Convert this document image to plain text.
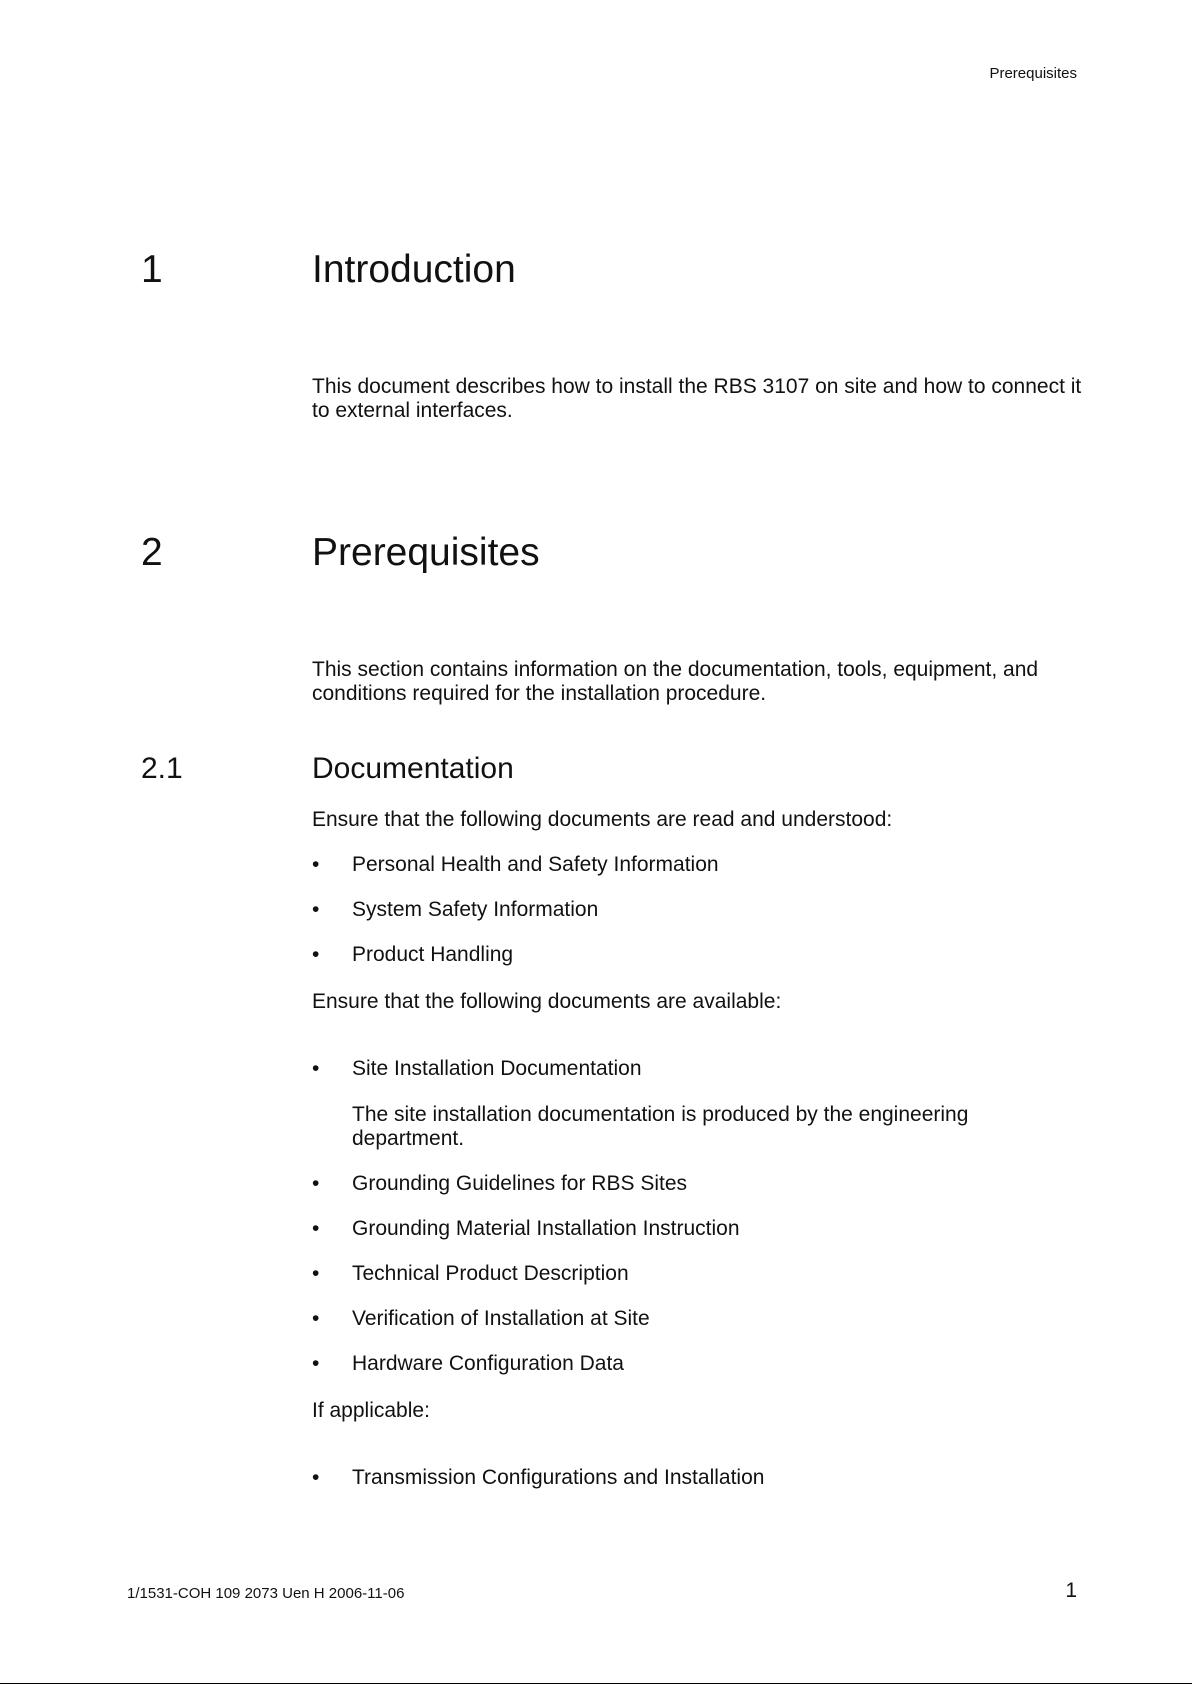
Prerequisites
1	Introduction

This document describes how to install the RBS 3107 on site and how to connect it to external interfaces.

2	Prerequisites

This section contains information on the documentation, tools, equipment, and conditions required for the installation procedure.

2.1	Documentation

Ensure that the following documents are read and understood:

• Personal Health and Safety Information
• System Safety Information
• Product Handling

Ensure that the following documents are available:

• Site Installation Documentation

The site installation documentation is produced by the engineering department.

• Grounding Guidelines for RBS Sites
• Grounding Material Installation Instruction
• Technical Product Description
• Verification of Installation at Site
• Hardware Configuration Data

If applicable:

• Transmission Configurations and Installation
1/1531-COH 109 2073 Uen H 2006-11-06	1
